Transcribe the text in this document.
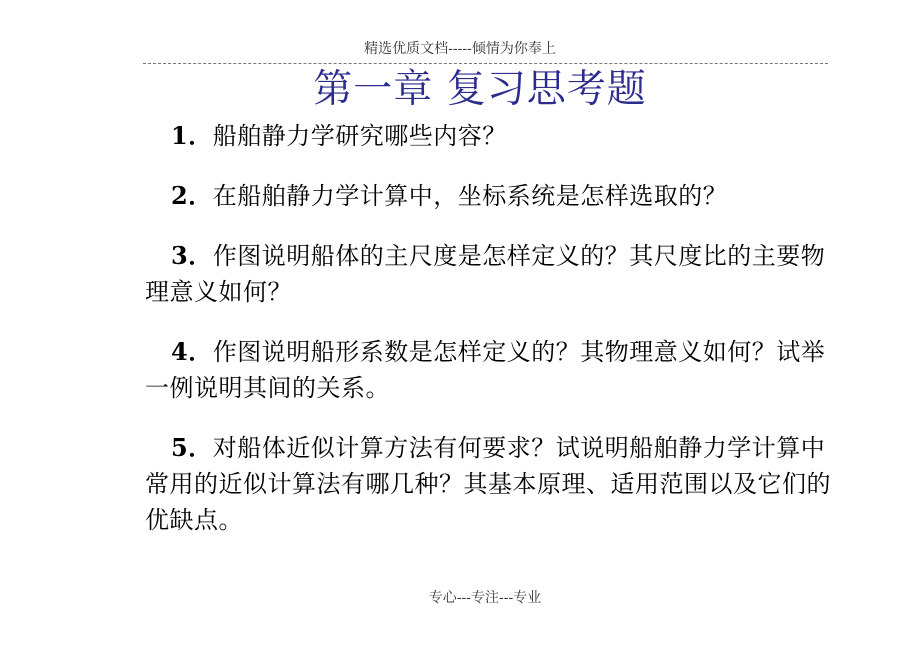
精选优质文档-----倾情为你奉上
第一章 复习思考题

1．船舶静力学研究哪些内容？

2．在船舶静力学计算中，坐标系统是怎样选取的？

3．作图说明船体的主尺度是怎样定义的？其尺度比的主要物理意义如何？

4．作图说明船形系数是怎样定义的？其物理意义如何？试举一例说明其间的关系。

5．对船体近似计算方法有何要求？试说明船舶静力学计算中常用的近似计算法有哪几种？其基本原理、适用范围以及它们的优缺点。

专心---专注---专业
